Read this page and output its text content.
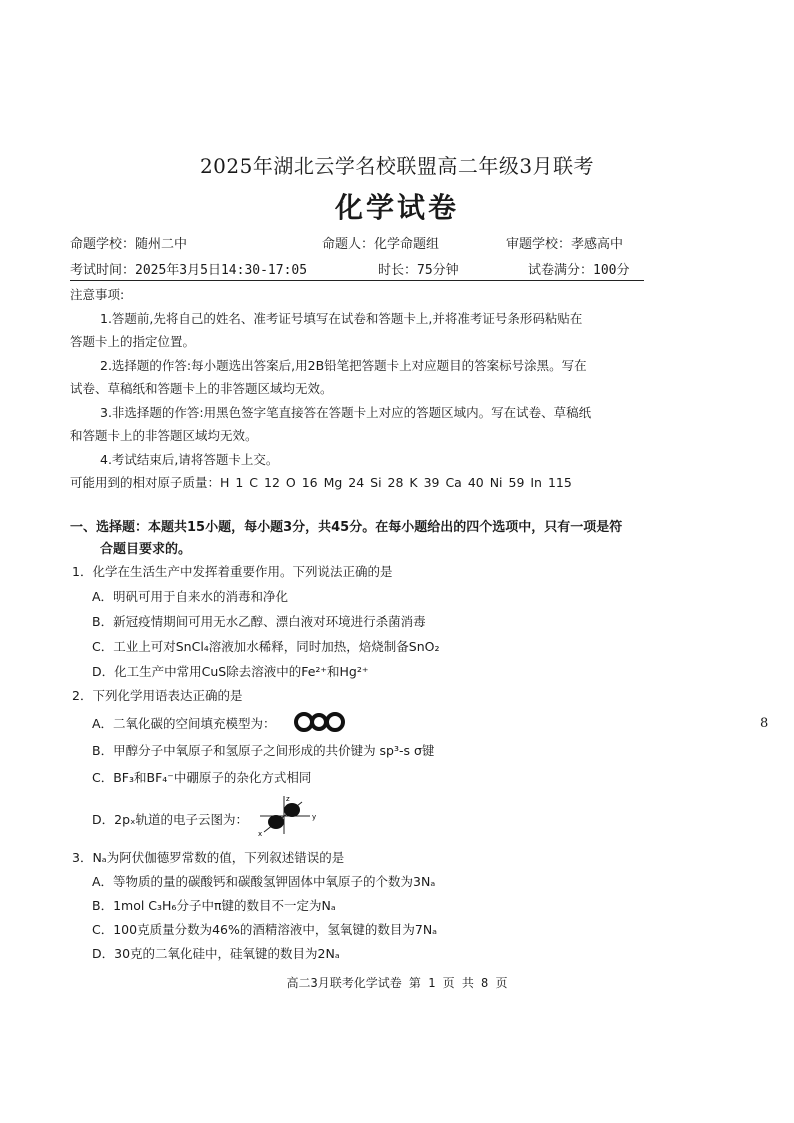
2025年湖北云学名校联盟高二年级3月联考
化学试卷
命题学校：随州二中	命题人：化学命题组	审题学校：孝感高中
考试时间：2025年3月5日14:30-17:05	时长：75分钟	试卷满分：100分
注意事项:
1.答题前,先将自己的姓名、准考证号填写在试卷和答题卡上,并将准考证号条形码粘贴在
答题卡上的指定位置。
2.选择题的作答:每小题选出答案后,用2B铅笔把答题卡上对应题目的答案标号涂黑。写在
试卷、草稿纸和答题卡上的非答题区域均无效。
3.非选择题的作答:用黑色签字笔直接答在答题卡上对应的答题区域内。写在试卷、草稿纸
和答题卡上的非答题区域均无效。
4.考试结束后,请将答题卡上交。
可能用到的相对原子质量：H 1 C 12 O 16 Mg 24 Si 28 K 39 Ca 40 Ni 59 In 115
一、选择题：本题共15小题，每小题3分，共45分。在每小题给出的四个选项中，只有一项是符
合题目要求的。
1．化学在生活生产中发挥着重要作用。下列说法正确的是
A．明矾可用于自来水的消毒和净化
B．新冠疫情期间可用无水乙醇、漂白液对环境进行杀菌消毒
C．工业上可对SnCl₄溶液加水稀释，同时加热，焙烧制备SnO₂
D．化工生产中常用CuS除去溶液中的Fe²⁺和Hg²⁺
2．下列化学用语表达正确的是
A．二氧化碳的空间填充模型为：
B．甲醇分子中氧原子和氢原子之间形成的共价键为 sp³-s σ键
C．BF₃和BF₄⁻中硼原子的杂化方式相同
D．2pₓ轨道的电子云图为：
z
y
x
3．Nₐ为阿伏伽德罗常数的值，下列叙述错误的是
A．等物质的量的碳酸钙和碳酸氢钾固体中氧原子的个数为3Nₐ
B．1mol C₃H₆分子中π键的数目不一定为Nₐ
C．100克质量分数为46%的酒精溶液中，氢氧键的数目为7Nₐ
D．30克的二氧化硅中，硅氧键的数目为2Nₐ
高二3月联考化学试卷 第 1 页 共 8 页
8
